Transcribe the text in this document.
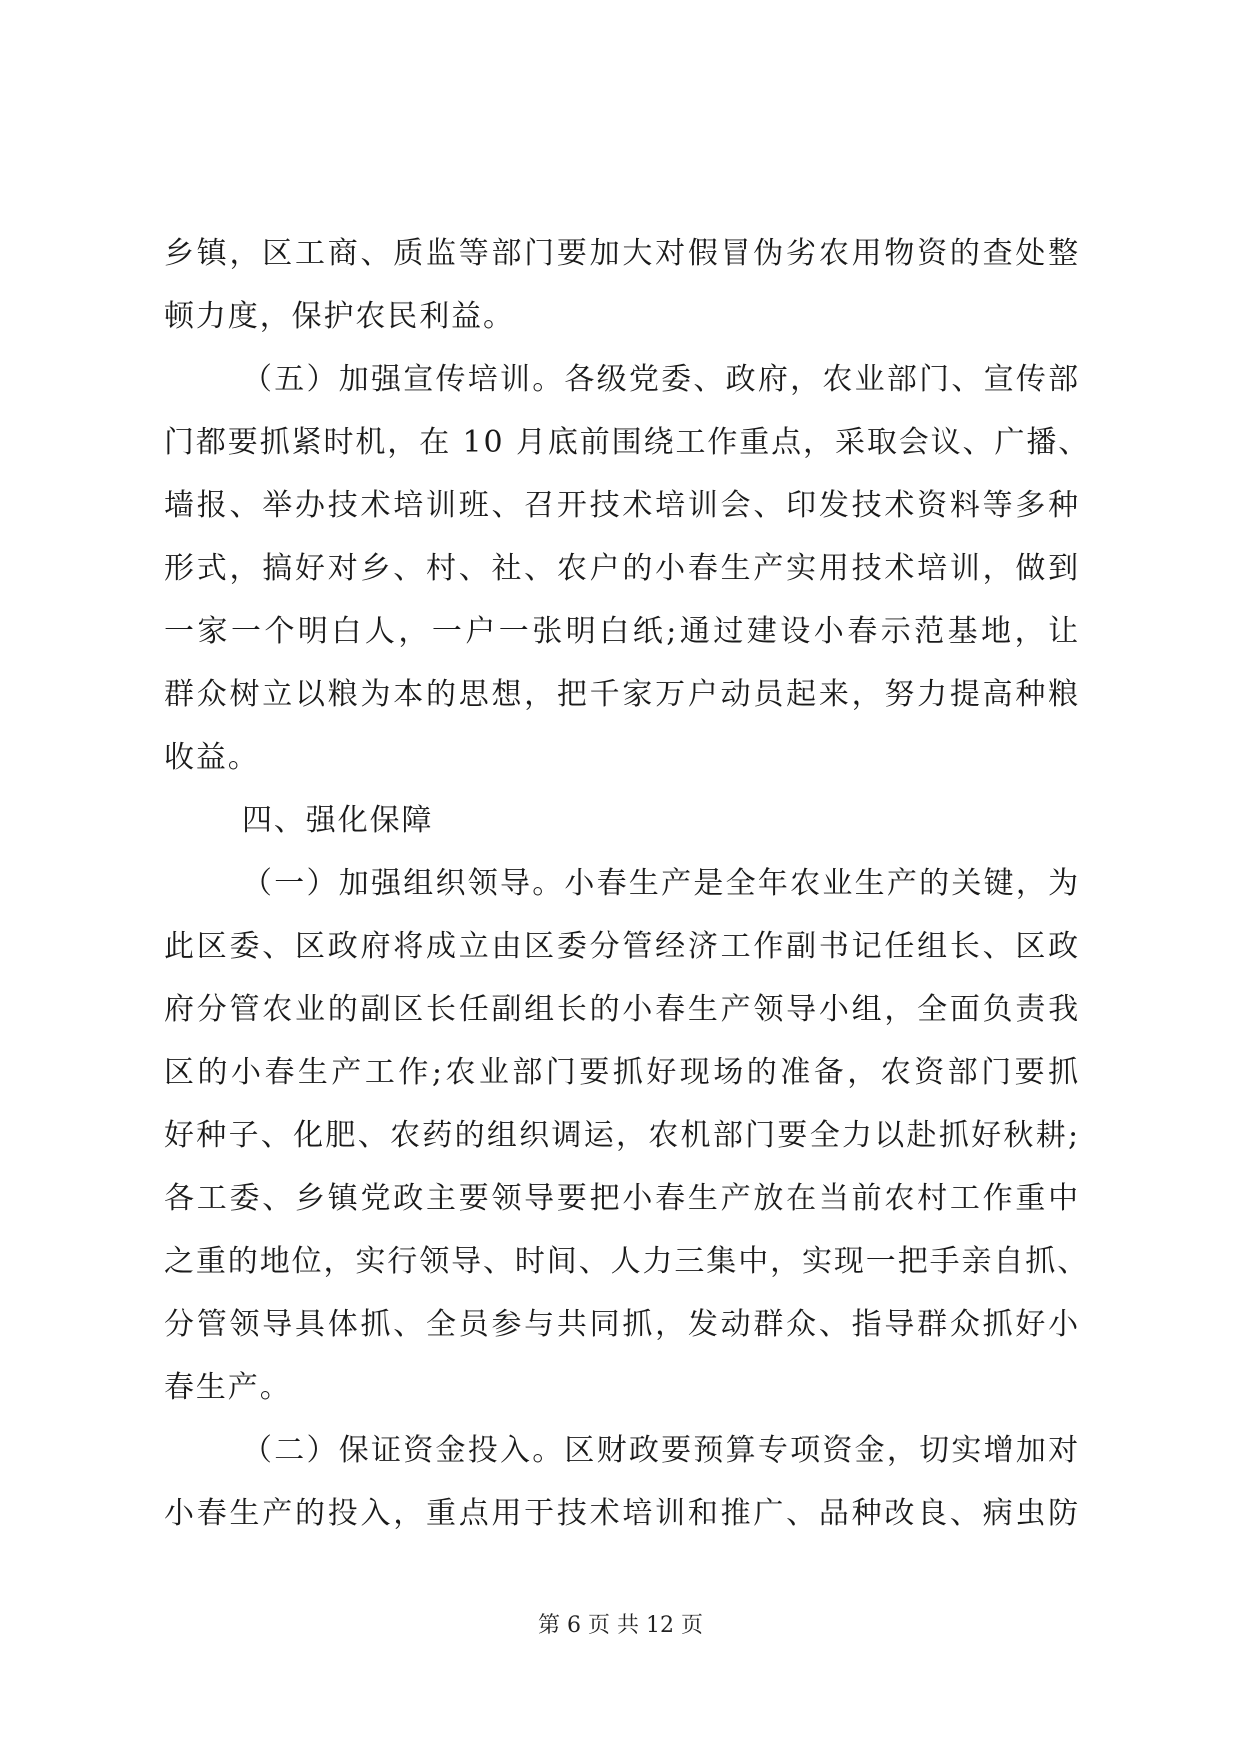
乡镇，区工商、质监等部门要加大对假冒伪劣农用物资的查处整
顿力度，保护农民利益。
（五）加强宣传培训。各级党委、政府，农业部门、宣传部
门都要抓紧时机，在 10 月底前围绕工作重点，采取会议、广播、
墙报、举办技术培训班、召开技术培训会、印发技术资料等多种
形式，搞好对乡、村、社、农户的小春生产实用技术培训，做到
一家一个明白人，一户一张明白纸;通过建设小春示范基地，让
群众树立以粮为本的思想，把千家万户动员起来，努力提高种粮
收益。
四、强化保障
（一）加强组织领导。小春生产是全年农业生产的关键，为
此区委、区政府将成立由区委分管经济工作副书记任组长、区政
府分管农业的副区长任副组长的小春生产领导小组，全面负责我
区的小春生产工作;农业部门要抓好现场的准备，农资部门要抓
好种子、化肥、农药的组织调运，农机部门要全力以赴抓好秋耕;
各工委、乡镇党政主要领导要把小春生产放在当前农村工作重中
之重的地位，实行领导、时间、人力三集中，实现一把手亲自抓、
分管领导具体抓、全员参与共同抓，发动群众、指导群众抓好小
春生产。
（二）保证资金投入。区财政要预算专项资金，切实增加对
小春生产的投入，重点用于技术培训和推广、品种改良、病虫防
第 6 页 共 12 页
